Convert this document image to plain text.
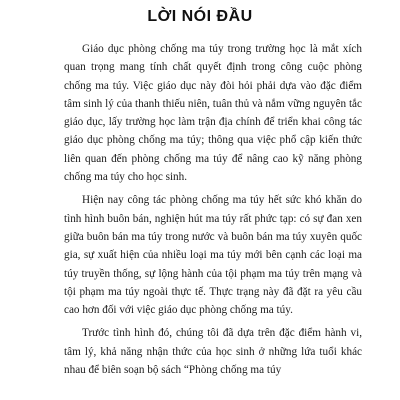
LỜI NÓI ĐẦU

Giáo dục phòng chống ma túy trong trường học là mắt xích quan trọng mang tính chất quyết định trong công cuộc phòng chống ma túy. Việc giáo dục này đòi hỏi phải dựa vào đặc điểm tâm sinh lý của thanh thiếu niên, tuân thủ và nắm vững nguyên tắc giáo dục, lấy trường học làm trận địa chính để triển khai công tác giáo dục phòng chống ma túy; thông qua việc phổ cập kiến thức liên quan đến phòng chống ma túy để nâng cao kỹ năng phòng chống ma túy cho học sinh.

Hiện nay công tác phòng chống ma túy hết sức khó khăn do tình hình buôn bán, nghiện hút ma túy rất phức tạp: có sự đan xen giữa buôn bán ma túy trong nước và buôn bán ma túy xuyên quốc gia, sự xuất hiện của nhiều loại ma túy mới bên cạnh các loại ma túy truyền thống, sự lộng hành của tội phạm ma túy trên mạng và tội phạm ma túy ngoài thực tế. Thực trạng này đã đặt ra yêu cầu cao hơn đối với việc giáo dục phòng chống ma túy.

Trước tình hình đó, chúng tôi đã dựa trên đặc điểm hành vi, tâm lý, khả năng nhận thức của học sinh ở những lứa tuổi khác nhau để biên soạn bộ sách “Phòng chống ma túy
